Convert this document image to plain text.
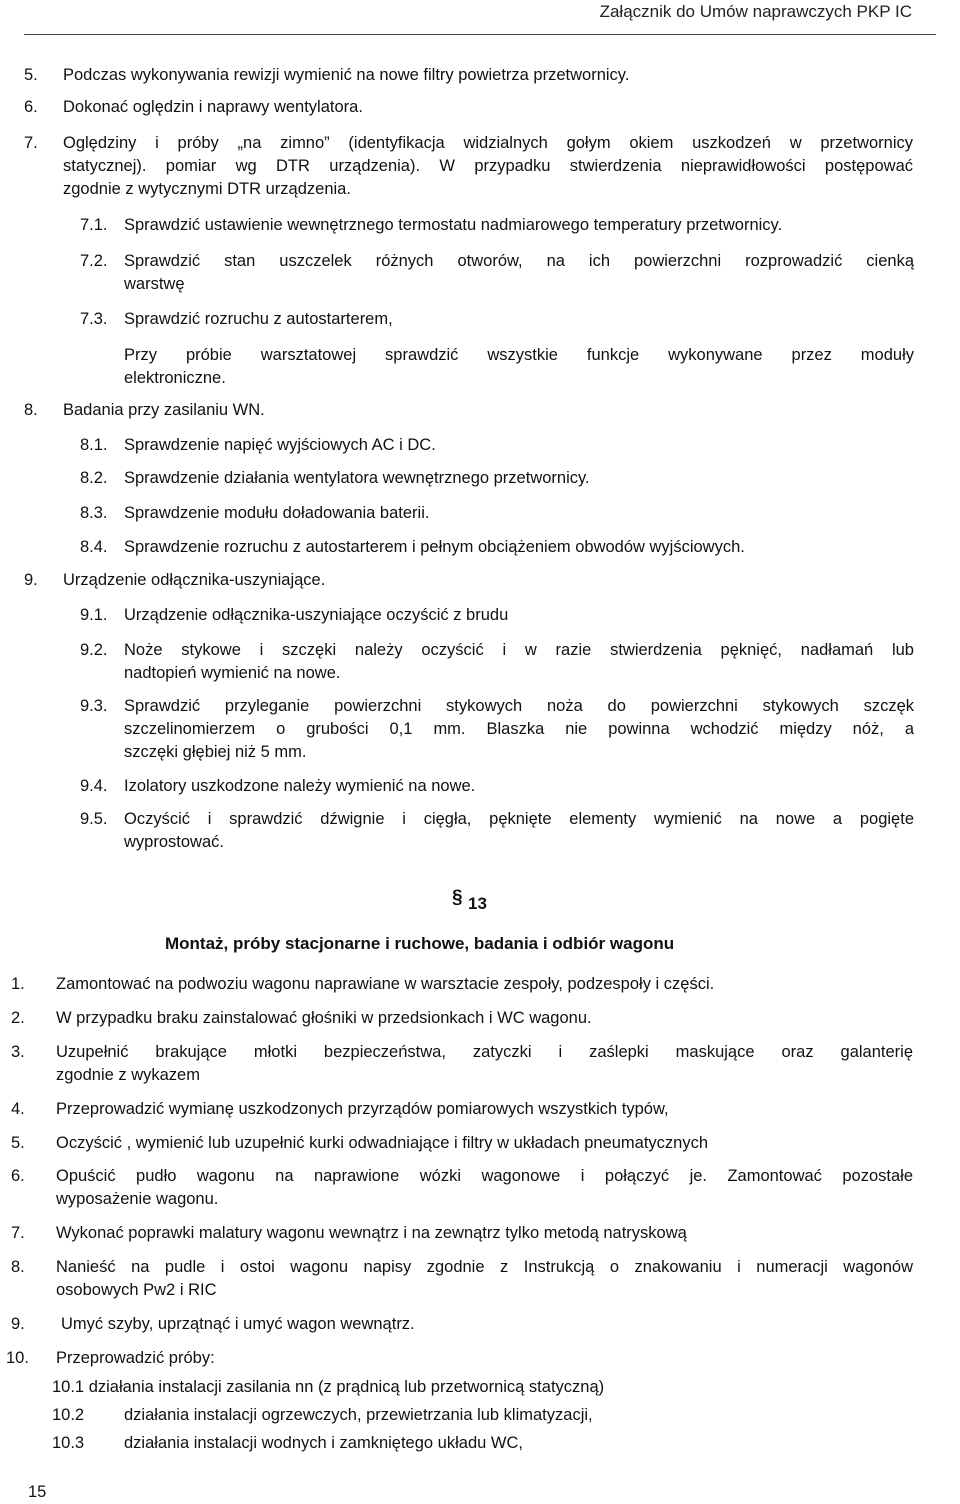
Załącznik do Umów naprawczych PKP IC
5. Podczas wykonywania rewizji wymienić na nowe filtry powietrza przetwornicy.
6. Dokonać oględzin i naprawy wentylatora.
7. Oględziny i próby „na zimno” (identyfikacja widzialnych gołym okiem uszkodzeń w przetwornicy
statycznej). pomiar wg DTR urządzenia). W przypadku stwierdzenia nieprawidłowości postępować
zgodnie z wytycznymi DTR urządzenia.
7.1. Sprawdzić ustawienie wewnętrznego termostatu nadmiarowego temperatury przetwornicy.
7.2. Sprawdzić stan uszczelek różnych otworów, na ich powierzchni rozprowadzić cienką
warstwę
7.3. Sprawdzić rozruchu z autostarterem,
Przy próbie warsztatowej sprawdzić wszystkie funkcje wykonywane przez moduły
elektroniczne.
8. Badania przy zasilaniu WN.
8.1. Sprawdzenie napięć wyjściowych AC i DC.
8.2. Sprawdzenie działania wentylatora wewnętrznego przetwornicy.
8.3. Sprawdzenie modułu doładowania baterii.
8.4. Sprawdzenie rozruchu z autostarterem i pełnym obciążeniem obwodów wyjściowych.
9. Urządzenie odłącznika-uszyniające.
9.1. Urządzenie odłącznika-uszyniające oczyścić z brudu
9.2. Noże stykowe i szczęki należy oczyścić i w razie stwierdzenia pęknięć, nadłamań lub
nadtopień wymienić na nowe.
9.3. Sprawdzić przyleganie powierzchni stykowych noża do powierzchni stykowych szczęk
szczelinomierzem o grubości 0,1 mm. Blaszka nie powinna wchodzić między nóż, a
szczęki głębiej niż 5 mm.
9.4. Izolatory uszkodzone należy wymienić na nowe.
9.5. Oczyścić i sprawdzić dźwignie i cięgła, pęknięte elementy wymienić na nowe a pogięte
wyprostować.
§ 13
Montaż, próby stacjonarne i ruchowe, badania i odbiór wagonu
1. Zamontować na podwoziu wagonu naprawiane w warsztacie zespoły, podzespoły i części.
2. W przypadku braku zainstalować głośniki w przedsionkach i WC wagonu.
3. Uzupełnić brakujące młotki bezpieczeństwa, zatyczki i zaślepki maskujące oraz galanterię
zgodnie z wykazem
4. Przeprowadzić wymianę uszkodzonych przyrządów pomiarowych wszystkich typów,
5. Oczyścić , wymienić lub uzupełnić kurki odwadniające i filtry w układach pneumatycznych
6. Opuścić pudło wagonu na naprawione wózki wagonowe i połączyć je. Zamontować pozostałe
wyposażenie wagonu.
7. Wykonać poprawki malatury wagonu wewnątrz i na zewnątrz tylko metodą natryskową
8. Nanieść na pudle i ostoi wagonu napisy zgodnie z Instrukcją o znakowaniu i numeracji wagonów
osobowych Pw2 i RIC
9. Umyć szyby, uprzątnąć i umyć wagon wewnątrz.
10. Przeprowadzić próby:
10.1 działania instalacji zasilania nn (z prądnicą lub przetwornicą statyczną)
10.2 działania instalacji ogrzewczych, przewietrzania lub klimatyzacji,
10.3 działania instalacji wodnych i zamkniętego układu WC,
15
